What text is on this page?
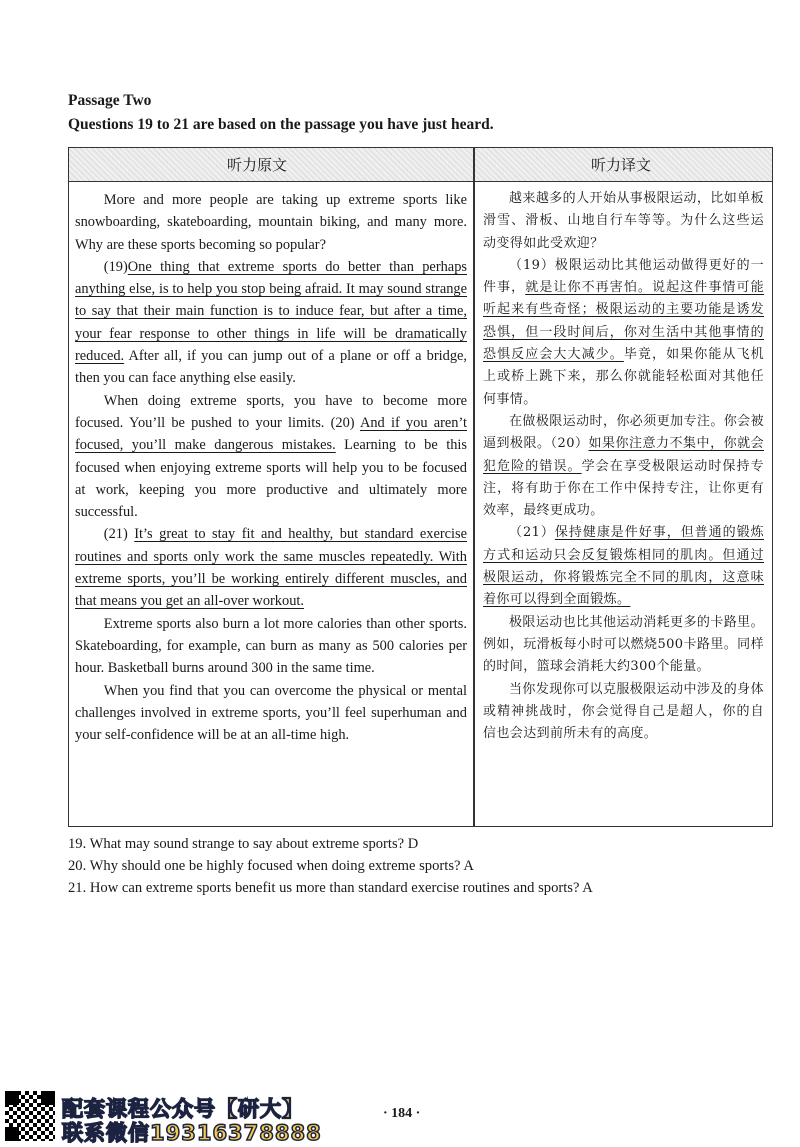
Passage Two
Questions 19 to 21 are based on the passage you have just heard.
听力原文	听力译文

More and more people are taking up extreme sports like snowboarding, skateboarding, mountain biking, and many more. Why are these sports becoming so popular?

(19)One thing that extreme sports do better than perhaps anything else, is to help you stop being afraid. It may sound strange to say that their main function is to induce fear, but after a time, your fear response to other things in life will be dramatically reduced. After all, if you can jump out of a plane or off a bridge, then you can face anything else easily.

When doing extreme sports, you have to become more focused. You’ll be pushed to your limits. (20) And if you aren’t focused, you’ll make dangerous mistakes. Learning to be this focused when enjoying extreme sports will help you to be focused at work, keeping you more productive and ultimately more successful.

(21) It’s great to stay fit and healthy, but standard exercise routines and sports only work the same muscles repeatedly. With extreme sports, you’ll be working entirely different muscles, and that means you get an all-over workout.

Extreme sports also burn a lot more calories than other sports. Skateboarding, for example, can burn as many as 500 calories per hour. Basketball burns around 300 in the same time.

When you find that you can overcome the physical or mental challenges involved in extreme sports, you’ll feel superhuman and your self-confidence will be at an all-time high.

越来越多的人开始从事极限运动，比如单板滑雪、滑板、山地自行车等等。为什么这些运动变得如此受欢迎？

（19）极限运动比其他运动做得更好的一件事，就是让你不再害怕。说起这件事情可能听起来有些奇怪；极限运动的主要功能是诱发恐惧，但一段时间后，你对生活中其他事情的恐惧反应会大大减少。毕竟，如果你能从飞机上或桥上跳下来，那么你就能轻松面对其他任何事情。

在做极限运动时，你必须更加专注。你会被逼到极限。（20）如果你注意力不集中，你就会犯危险的错误。学会在享受极限运动时保持专注，将有助于你在工作中保持专注，让你更有效率，最终更成功。

（21）保持健康是件好事，但普通的锻炼方式和运动只会反复锻炼相同的肌肉。但通过极限运动，你将锻炼完全不同的肌肉，这意味着你可以得到全面锻炼。

极限运动也比其他运动消耗更多的卡路里。例如，玩滑板每小时可以燃烧500卡路里。同样的时间，篮球会消耗大约300个能量。

当你发现你可以克服极限运动中涉及的身体或精神挑战时，你会觉得自己是超人，你的自信也会达到前所未有的高度。

19. What may sound strange to say about extreme sports? D
20. Why should one be highly focused when doing extreme sports? A
21. How can extreme sports benefit us more than standard exercise routines and sports? A
· 184 ·
配套课程公众号【研大】
联系微信19316378888
